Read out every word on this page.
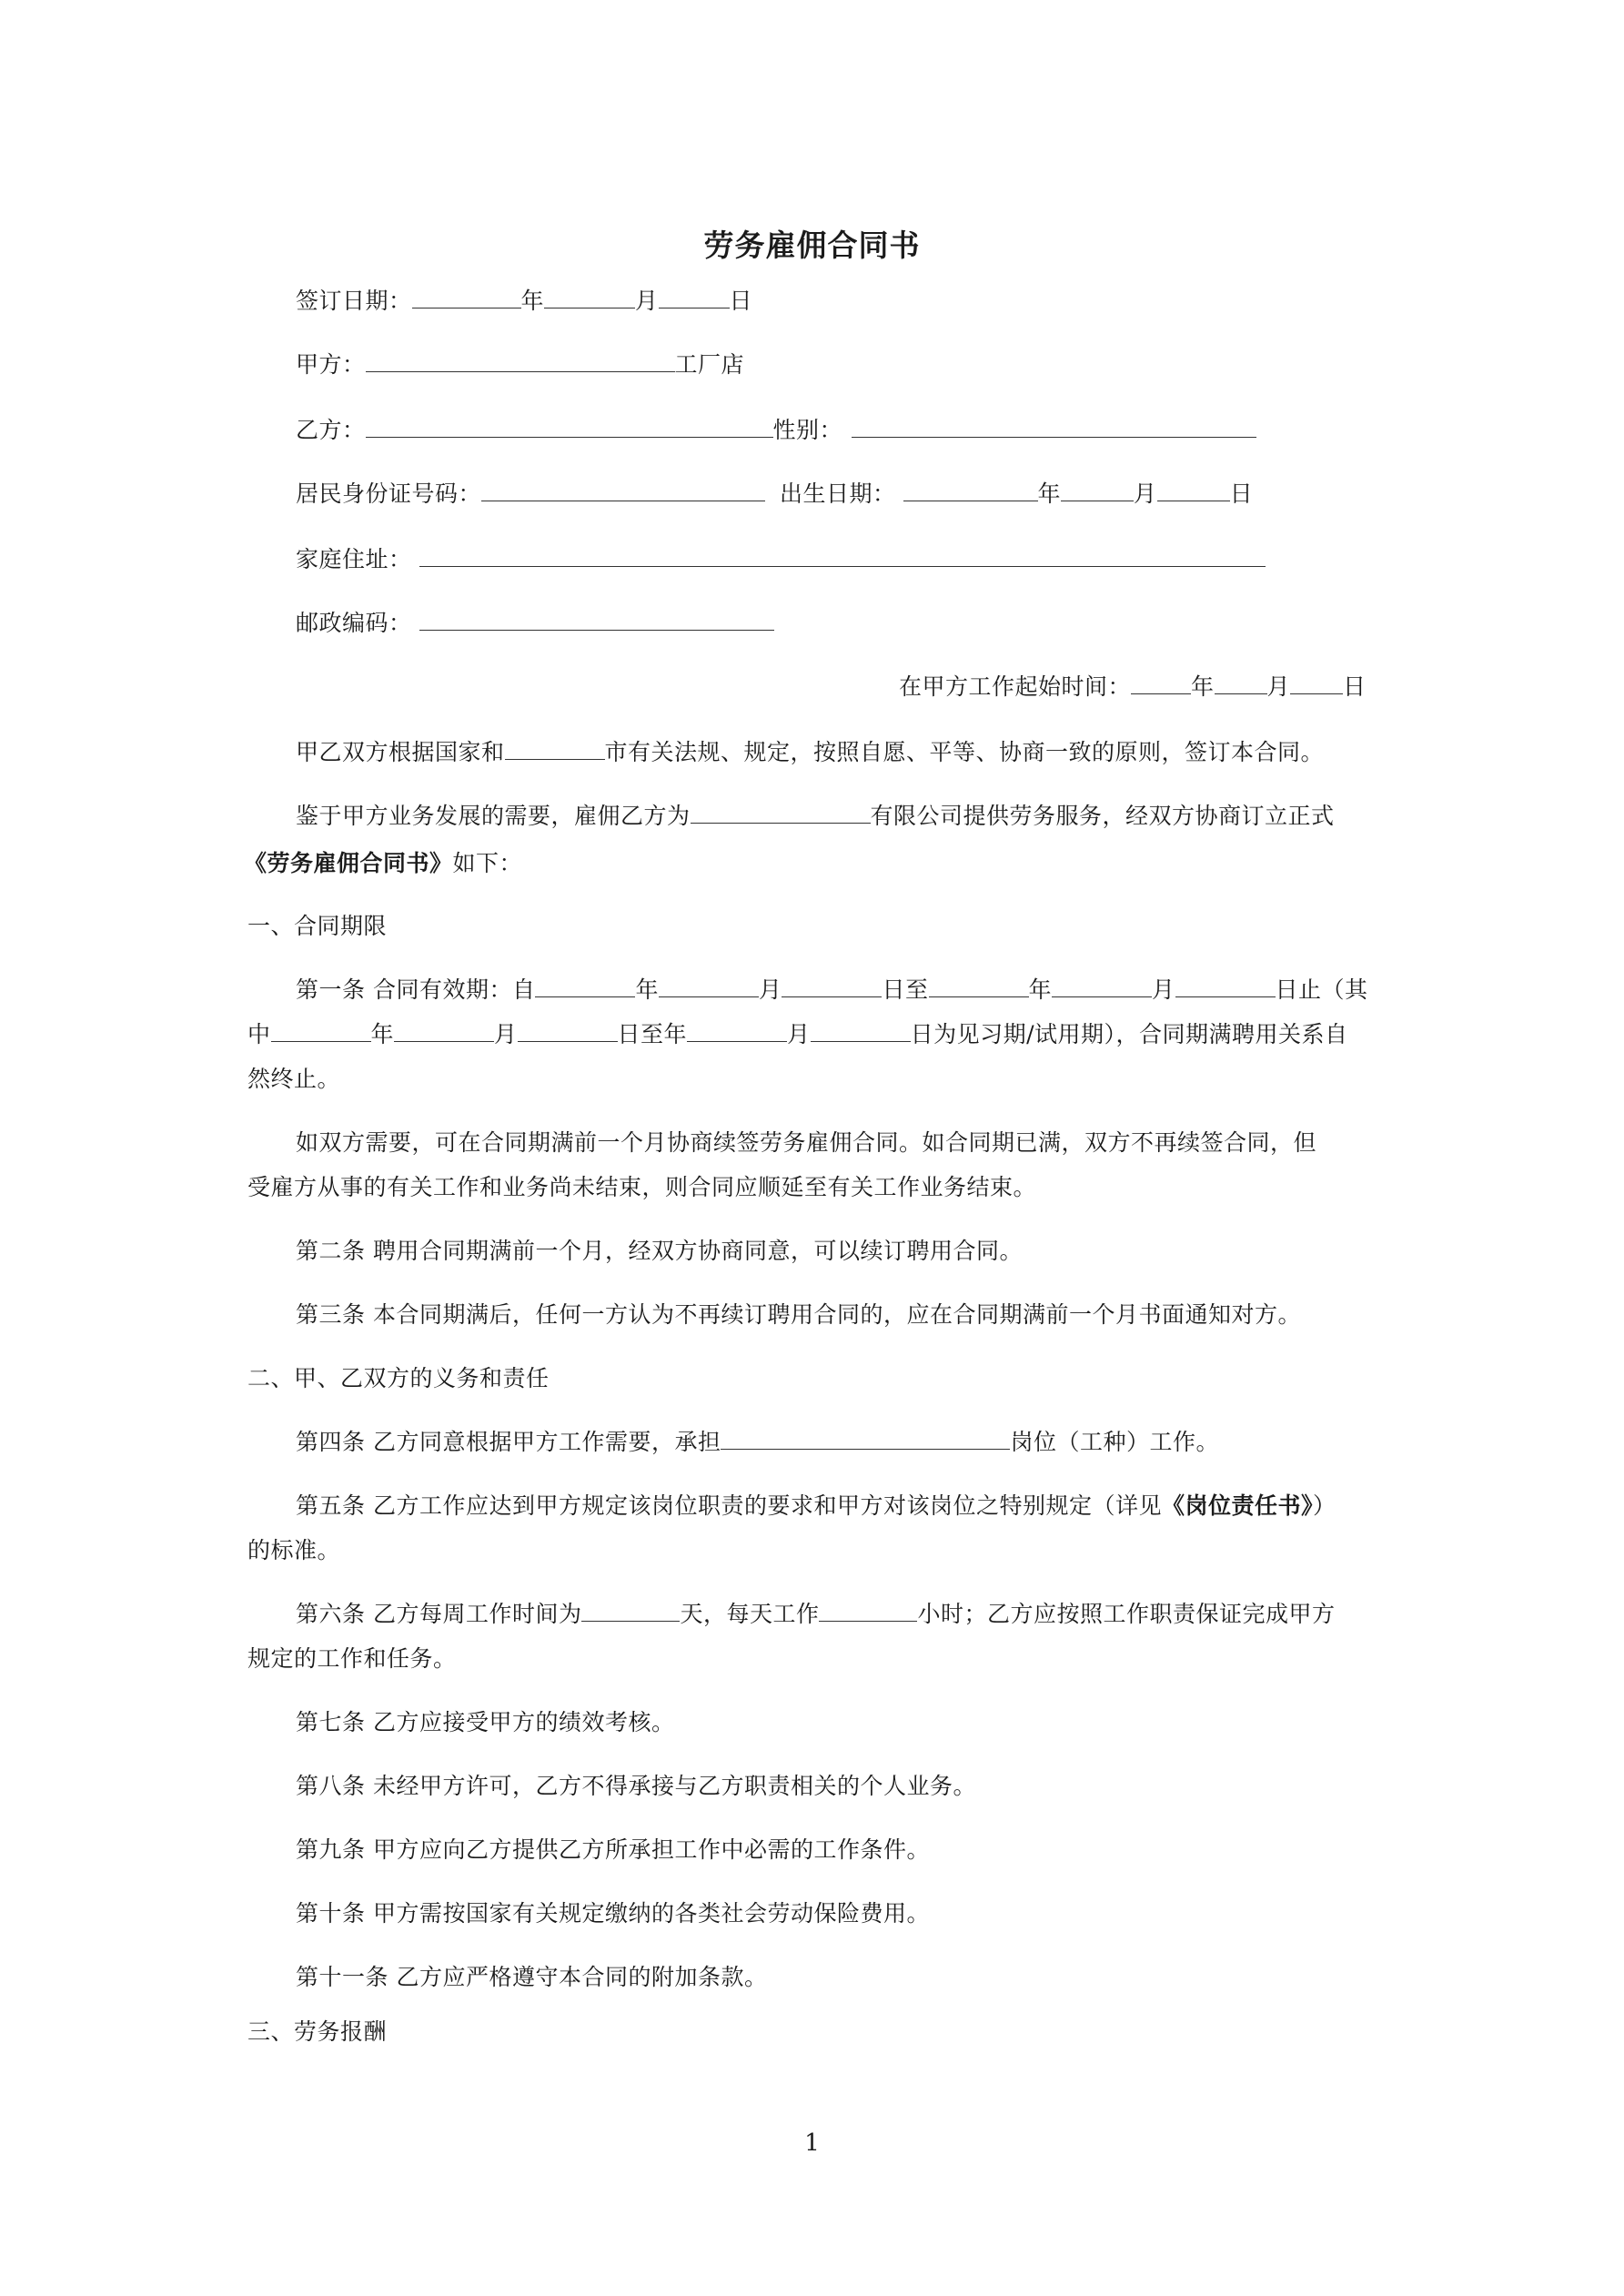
劳务雇佣合同书
签订日期：	年	月	日
甲方：	工厂店
乙方：	性别：
居民身份证号码：	出生日期：	年	月	日
家庭住址：
邮政编码：
在甲方工作起始时间：	年 月 日
甲乙双方根据国家和	市有关法规、规定，按照自愿、平等、协商一致的原则，签订本合同。
鉴于甲方业务发展的需要，雇佣乙方为	有限公司提供劳务服务，经双方协商订立正式
《劳务雇佣合同书》如下：
一、合同期限
第一条 合同有效期：自	年	月	日至	年	月	日止（其
中	年	月	日至年	月	日为见习期/试用期），合同期满聘用关系自
然终止。
如双方需要，可在合同期满前一个月协商续签劳务雇佣合同。如合同期已满，双方不再续签合同，但
受雇方从事的有关工作和业务尚未结束，则合同应顺延至有关工作业务结束。
第二条 聘用合同期满前一个月，经双方协商同意，可以续订聘用合同。
第三条 本合同期满后，任何一方认为不再续订聘用合同的，应在合同期满前一个月书面通知对方。
二、甲、乙双方的义务和责任
第四条 乙方同意根据甲方工作需要，承担	岗位（工种）工作。
第五条 乙方工作应达到甲方规定该岗位职责的要求和甲方对该岗位之特别规定（详见《岗位责任书》）
的标准。
第六条 乙方每周工作时间为	天，每天工作	小时；乙方应按照工作职责保证完成甲方
规定的工作和任务。
第七条 乙方应接受甲方的绩效考核。
第八条 未经甲方许可，乙方不得承接与乙方职责相关的个人业务。
第九条 甲方应向乙方提供乙方所承担工作中必需的工作条件。
第十条 甲方需按国家有关规定缴纳的各类社会劳动保险费用。
第十一条 乙方应严格遵守本合同的附加条款。
三、劳务报酬
1
